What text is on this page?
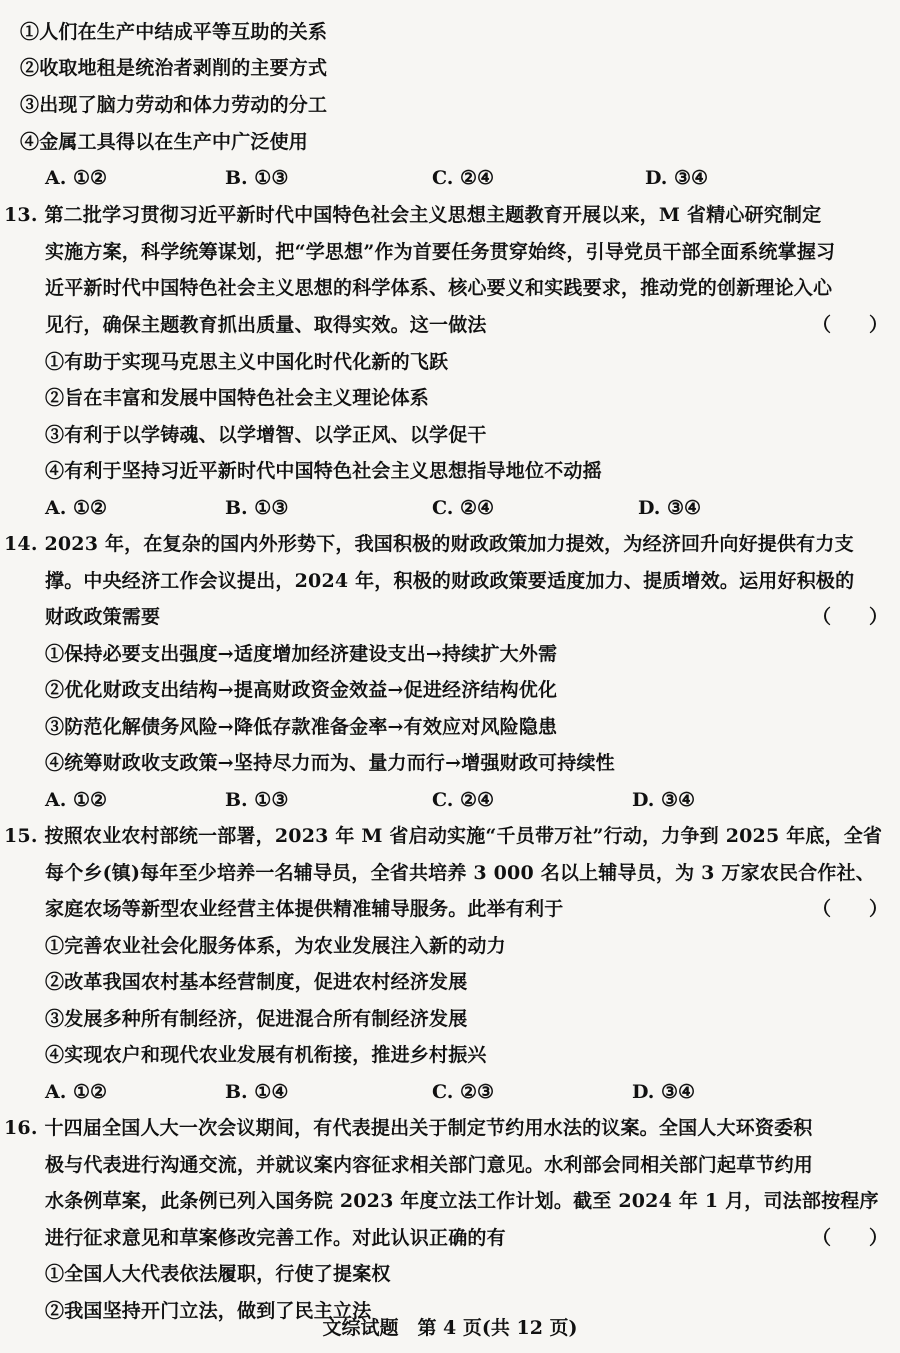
①人们在生产中结成平等互助的关系
②收取地租是统治者剥削的主要方式
③出现了脑力劳动和体力劳动的分工
④金属工具得以在生产中广泛使用
A. ①②	B. ①③	C. ②④	D. ③④
13. 第二批学习贯彻习近平新时代中国特色社会主义思想主题教育开展以来，M 省精心研究制定
实施方案，科学统筹谋划，把“学思想”作为首要任务贯穿始终，引导党员干部全面系统掌握习
近平新时代中国特色社会主义思想的科学体系、核心要义和实践要求，推动党的创新理论入心
见行，确保主题教育抓出质量、取得实效。这一做法	（　　）
①有助于实现马克思主义中国化时代化新的飞跃
②旨在丰富和发展中国特色社会主义理论体系
③有利于以学铸魂、以学增智、以学正风、以学促干
④有利于坚持习近平新时代中国特色社会主义思想指导地位不动摇
A. ①②	B. ①③	C. ②④	D. ③④
14. 2023 年，在复杂的国内外形势下，我国积极的财政政策加力提效，为经济回升向好提供有力支
撑。中央经济工作会议提出，2024 年，积极的财政政策要适度加力、提质增效。运用好积极的
财政政策需要	（　　）
①保持必要支出强度→适度增加经济建设支出→持续扩大外需
②优化财政支出结构→提高财政资金效益→促进经济结构优化
③防范化解债务风险→降低存款准备金率→有效应对风险隐患
④统筹财政收支政策→坚持尽力而为、量力而行→增强财政可持续性
A. ①②	B. ①③	C. ②④	D. ③④
15. 按照农业农村部统一部署，2023 年 M 省启动实施“千员带万社”行动，力争到 2025 年底，全省
每个乡(镇)每年至少培养一名辅导员，全省共培养 3 000 名以上辅导员，为 3 万家农民合作社、
家庭农场等新型农业经营主体提供精准辅导服务。此举有利于	（　　）
①完善农业社会化服务体系，为农业发展注入新的动力
②改革我国农村基本经营制度，促进农村经济发展
③发展多种所有制经济，促进混合所有制经济发展
④实现农户和现代农业发展有机衔接，推进乡村振兴
A. ①②	B. ①④	C. ②③	D. ③④
16. 十四届全国人大一次会议期间，有代表提出关于制定节约用水法的议案。全国人大环资委积
极与代表进行沟通交流，并就议案内容征求相关部门意见。水利部会同相关部门起草节约用
水条例草案，此条例已列入国务院 2023 年度立法工作计划。截至 2024 年 1 月，司法部按程序
进行征求意见和草案修改完善工作。对此认识正确的有	（　　）
①全国人大代表依法履职，行使了提案权
②我国坚持开门立法，做到了民主立法
文综试题　第 4 页(共 12 页)
